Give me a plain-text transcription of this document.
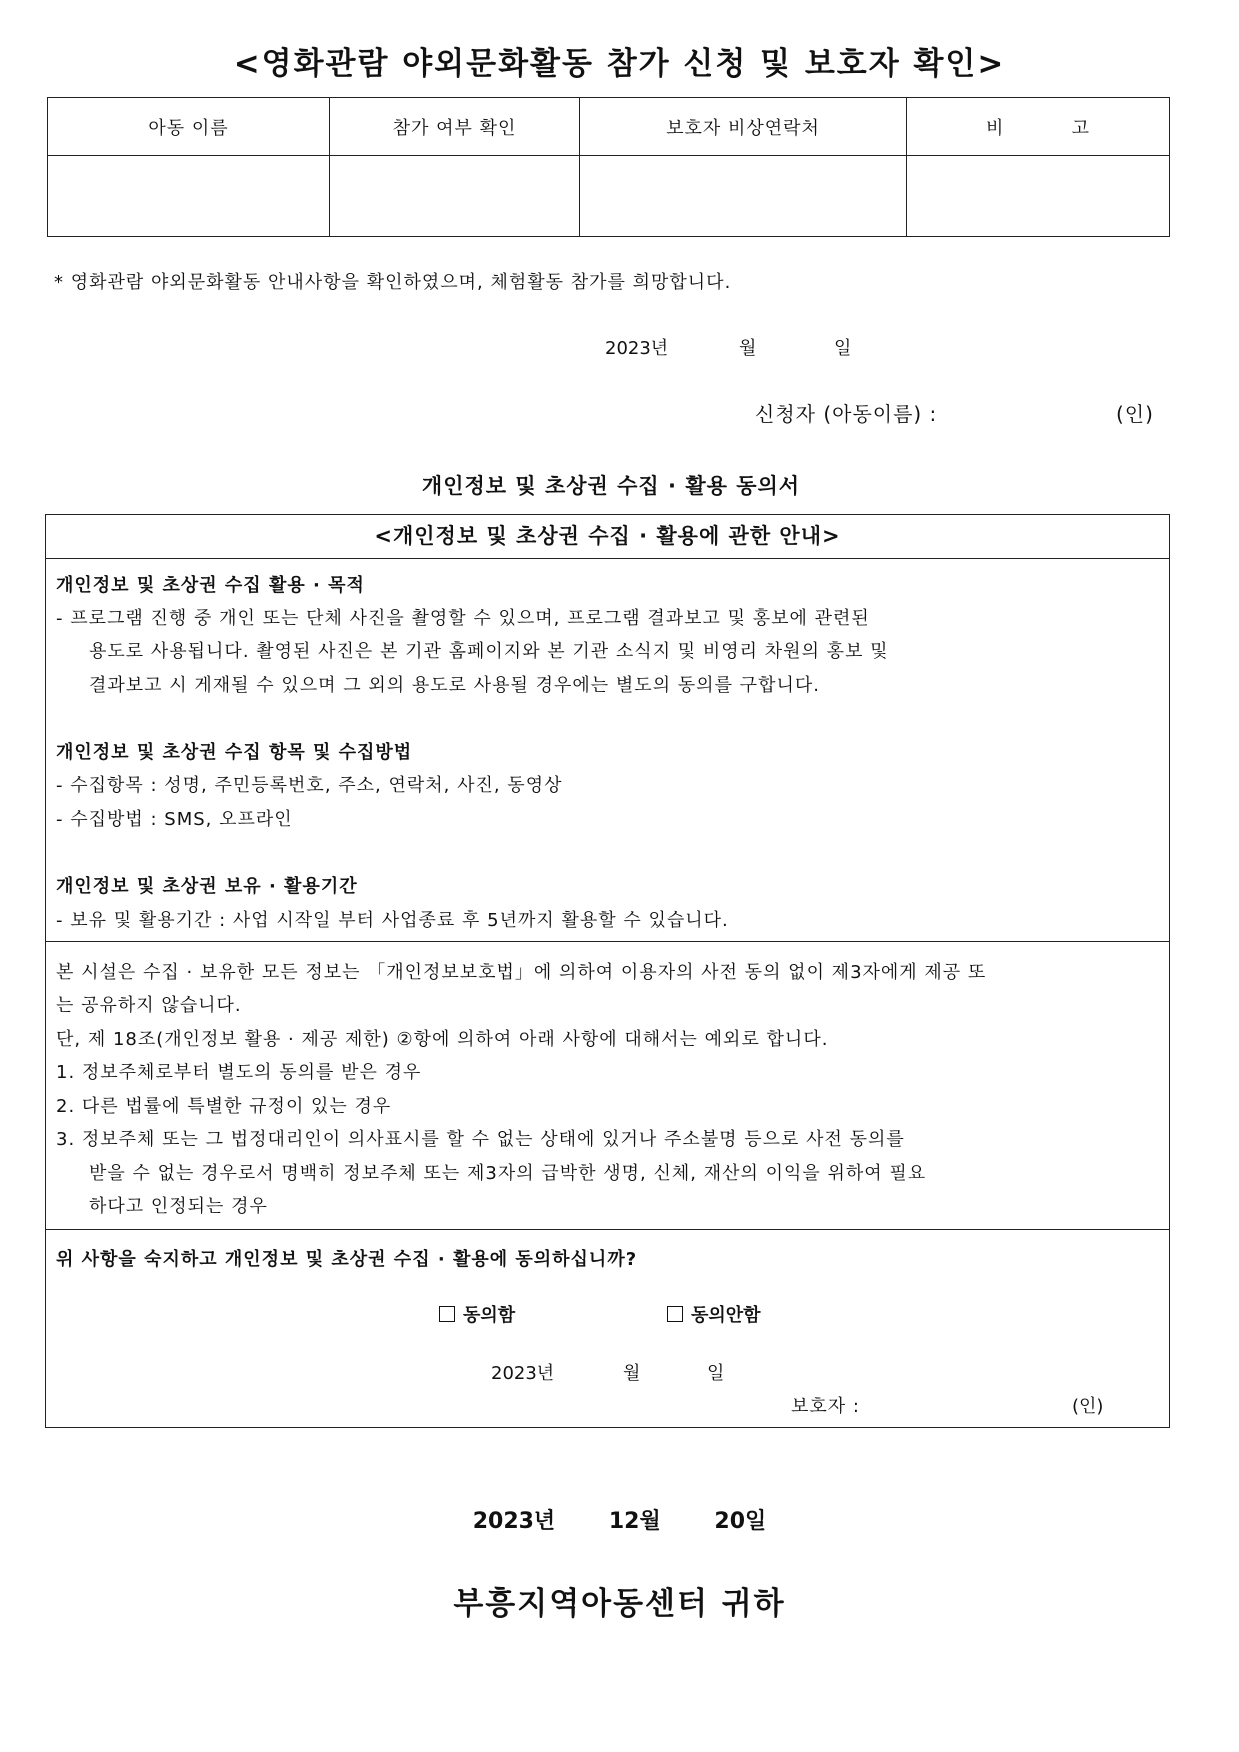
<영화관람 야외문화활동 참가 신청 및 보호자 확인>
아동 이름	참가 여부 확인	보호자 비상연락처	비          고

* 영화관람 야외문화활동 안내사항을 확인하였으며, 체험활동 참가를 희망합니다.
2023년	월	일
신청자 (아동이름) :	(인)
개인정보 및 초상권 수집 · 활용 동의서
<개인정보 및 초상권 수집 · 활용에 관한 안내>
개인정보 및 초상권 수집 활용 · 목적
- 프로그램 진행 중 개인 또는 단체 사진을 촬영할 수 있으며, 프로그램 결과보고 및 홍보에 관련된
용도로 사용됩니다. 촬영된 사진은 본 기관 홈페이지와 본 기관 소식지 및 비영리 차원의 홍보 및
결과보고 시 게재될 수 있으며 그 외의 용도로 사용될 경우에는 별도의 동의를 구합니다.
개인정보 및 초상권 수집 항목 및 수집방법
- 수집항목 : 성명, 주민등록번호, 주소, 연락처, 사진, 동영상
- 수집방법 : SMS, 오프라인
개인정보 및 초상권 보유 · 활용기간
- 보유 및 활용기간 : 사업 시작일 부터 사업종료 후 5년까지 활용할 수 있습니다.
본 시설은 수집 · 보유한 모든 정보는 「개인정보보호법」에 의하여 이용자의 사전 동의 없이 제3자에게 제공 또
는 공유하지 않습니다.
단, 제 18조(개인정보 활용 · 제공 제한) ②항에 의하여 아래 사항에 대해서는 예외로 합니다.
1. 정보주체로부터 별도의 동의를 받은 경우
2. 다른 법률에 특별한 규정이 있는 경우
3. 정보주체 또는 그 법정대리인이 의사표시를 할 수 없는 상태에 있거나 주소불명 등으로 사전 동의를
받을 수 없는 경우로서 명백히 정보주체 또는 제3자의 급박한 생명, 신체, 재산의 이익을 위하여 필요
하다고 인정되는 경우
위 사항을 숙지하고 개인정보 및 초상권 수집 · 활용에 동의하십니까?
동의함	동의안함
2023년	월	일
보호자 :	(인)
2023년 12월 20일
부흥지역아동센터 귀하
